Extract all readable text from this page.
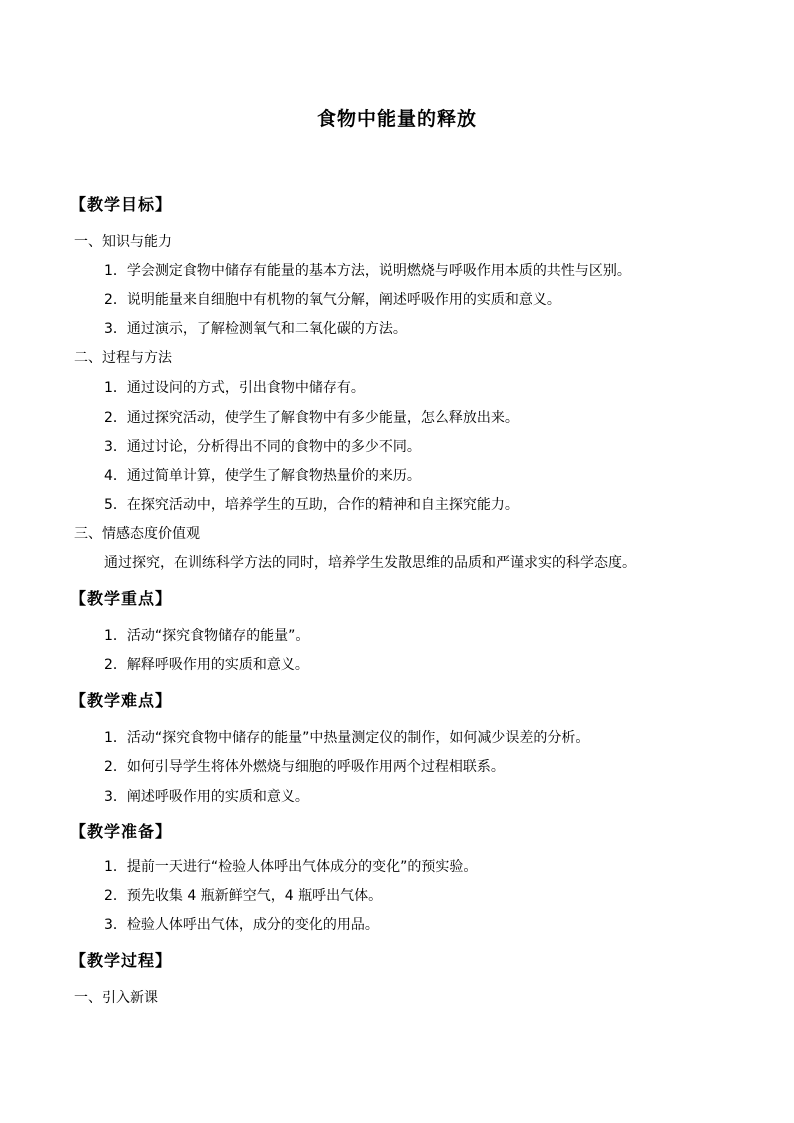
食物中能量的释放
【教学目标】
一、知识与能力
1．学会测定食物中储存有能量的基本方法，说明燃烧与呼吸作用本质的共性与区别。
2．说明能量来自细胞中有机物的氧气分解，阐述呼吸作用的实质和意义。
3．通过演示，了解检测氧气和二氧化碳的方法。
二、过程与方法
1．通过设问的方式，引出食物中储存有。
2．通过探究活动，使学生了解食物中有多少能量，怎么释放出来。
3．通过讨论，分析得出不同的食物中的多少不同。
4．通过简单计算，使学生了解食物热量价的来历。
5．在探究活动中，培养学生的互助，合作的精神和自主探究能力。
三、情感态度价值观
通过探究，在训练科学方法的同时，培养学生发散思维的品质和严谨求实的科学态度。
【教学重点】
1．活动“探究食物储存的能量”。
2．解释呼吸作用的实质和意义。
【教学难点】
1．活动“探究食物中储存的能量”中热量测定仪的制作，如何减少误差的分析。
2．如何引导学生将体外燃烧与细胞的呼吸作用两个过程相联系。
3．阐述呼吸作用的实质和意义。
【教学准备】
1．提前一天进行“检验人体呼出气体成分的变化”的预实验。
2．预先收集 4 瓶新鲜空气，4 瓶呼出气体。
3．检验人体呼出气体，成分的变化的用品。
【教学过程】
一、引入新课
